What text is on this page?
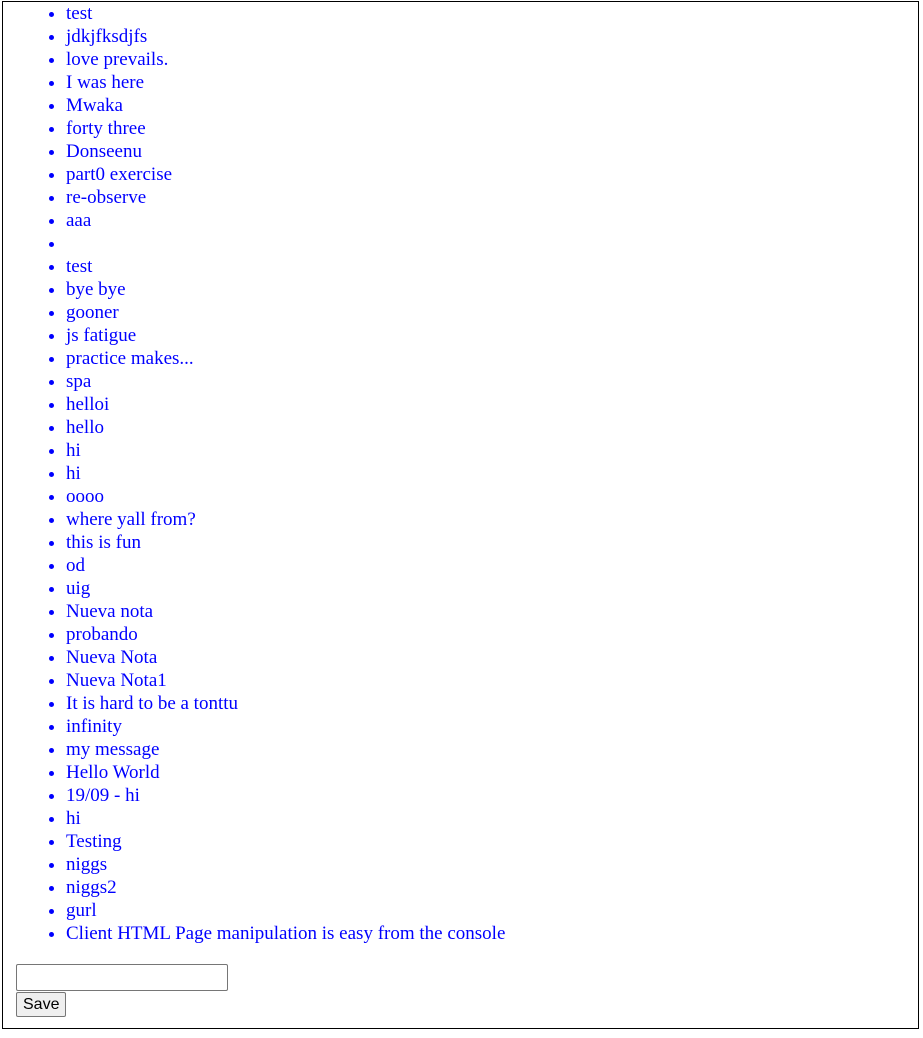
• test
• jdkjfksdjfs
• love prevails.
• I was here
• Mwaka
• forty three
• Donseenu
• part0 exercise
• re-observe
• aaa
•
• test
• bye bye
• gooner
• js fatigue
• practice makes...
• spa
• helloi
• hello
• hi
• hi
• oooo
• where yall from?
• this is fun
• od
• uig
• Nueva nota
• probando
• Nueva Nota
• Nueva Nota1
• It is hard to be a tonttu
• infinity
• my message
• Hello World
• 19/09 - hi
• hi
• Testing
• niggs
• niggs2
• gurl
• Client HTML Page manipulation is easy from the console
Save
